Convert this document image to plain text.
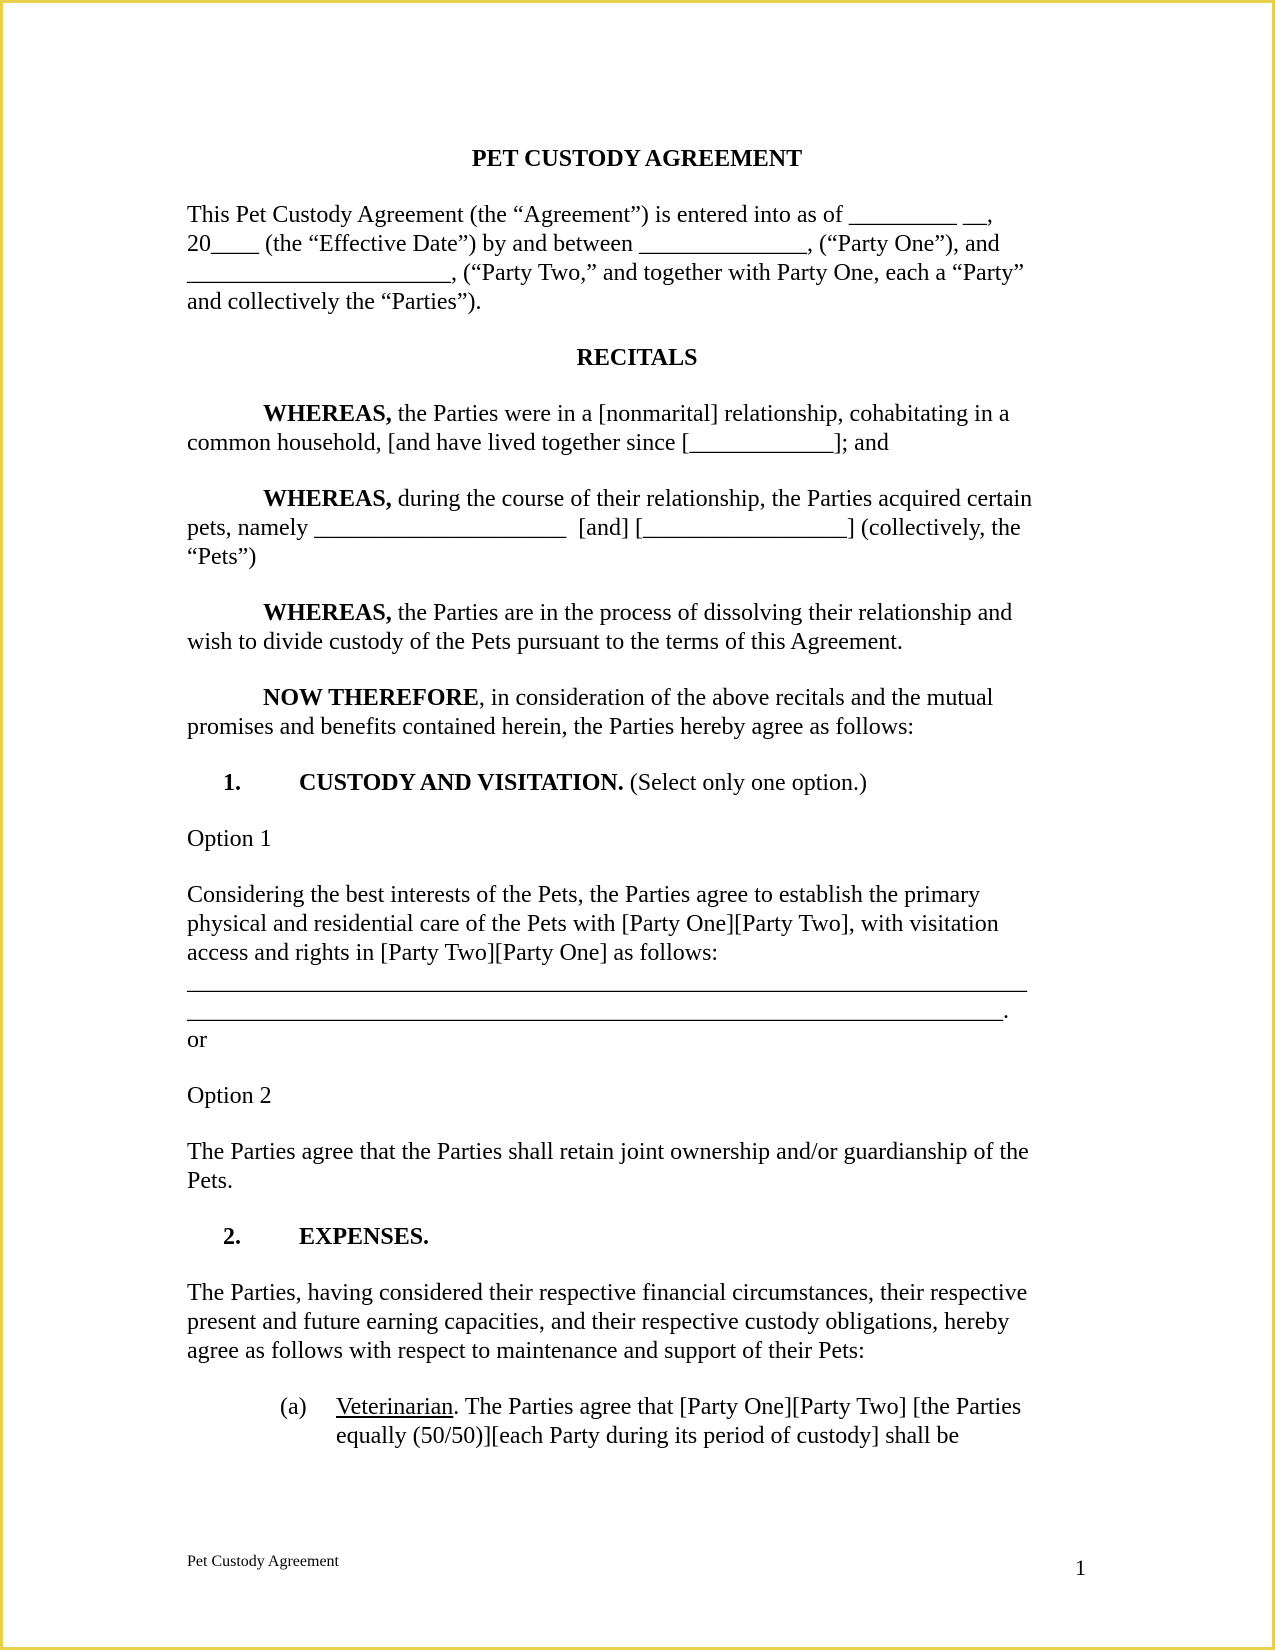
PET CUSTODY AGREEMENT

This Pet Custody Agreement (the “Agreement”) is entered into as of _________ __,

20____ (the “Effective Date”) by and between ______________, (“Party One”), and

______________________, (“Party Two,” and together with Party One, each a “Party”

and collectively the “Parties”).

RECITALS

WHEREAS, the Parties were in a [nonmarital] relationship, cohabitating in a

common household, [and have lived together since [____________]; and

WHEREAS, during the course of their relationship, the Parties acquired certain

pets, namely _____________________  [and] [_________________] (collectively, the

“Pets”)

WHEREAS, the Parties are in the process of dissolving their relationship and

wish to divide custody of the Pets pursuant to the terms of this Agreement.

NOW THEREFORE, in consideration of the above recitals and the mutual

promises and benefits contained herein, the Parties hereby agree as follows:

1.	CUSTODY AND VISITATION. (Select only one option.)

Option 1

Considering the best interests of the Pets, the Parties agree to establish the primary

physical and residential care of the Pets with [Party One][Party Two], with visitation

access and rights in [Party Two][Party One] as follows:

______________________________________________________________________

____________________________________________________________________.

or

Option 2

The Parties agree that the Parties shall retain joint ownership and/or guardianship of the

Pets.

2.	EXPENSES.

The Parties, having considered their respective financial circumstances, their respective

present and future earning capacities, and their respective custody obligations, hereby

agree as follows with respect to maintenance and support of their Pets:

(a)	Veterinarian. The Parties agree that [Party One][Party Two] [the Parties

equally (50/50)][each Party during its period of custody] shall be

Pet Custody Agreement	1
